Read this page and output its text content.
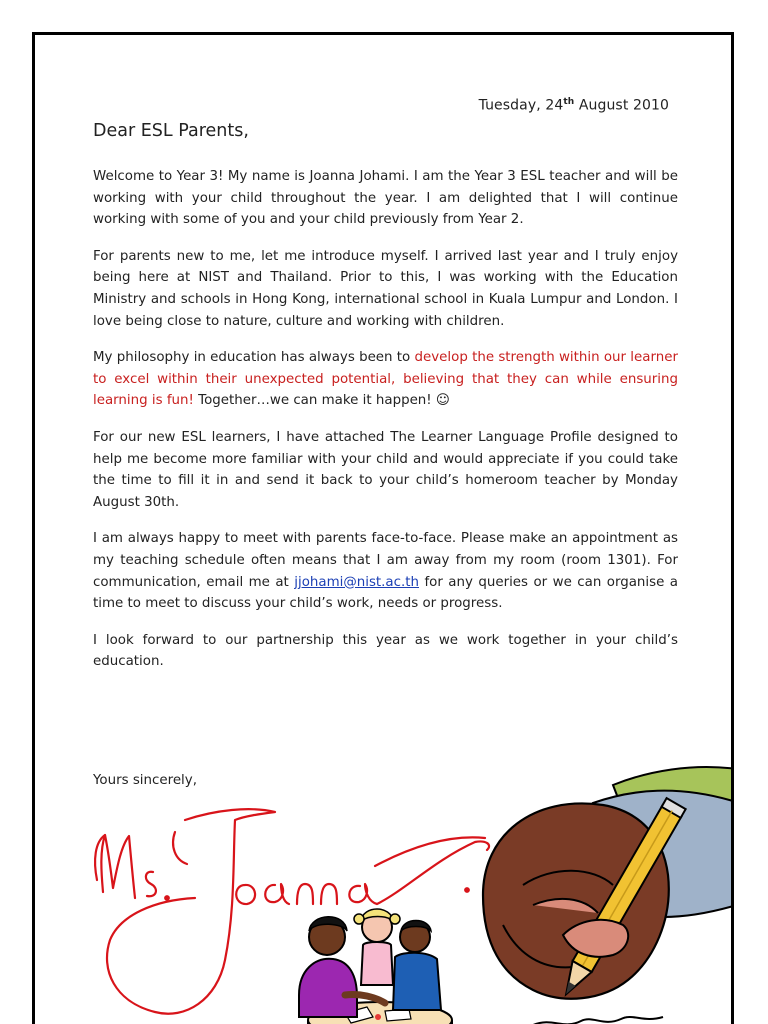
Tuesday, 24th August 2010
Dear ESL Parents,

Welcome to Year 3! My name is Joanna Johami. I am the Year 3 ESL teacher and will be working with your child throughout the year. I am delighted that I will continue working with some of you and your child previously from Year 2.

For parents new to me, let me introduce myself. I arrived last year and I truly enjoy being here at NIST and Thailand. Prior to this, I was working with the Education Ministry and schools in Hong Kong, international school in Kuala Lumpur and London. I love being close to nature, culture and working with children.

My philosophy in education has always been to develop the strength within our learner to excel within their unexpected potential, believing that they can while ensuring learning is fun! Together…we can make it happen! ☺

For our new ESL learners, I have attached The Learner Language Profile designed to help me become more familiar with your child and would appreciate if you could take the time to fill it in and send it back to your child’s homeroom teacher by Monday August 30th.

I am always happy to meet with parents face-to-face. Please make an appointment as my teaching schedule often means that I am away from my room (room 1301). For communication, email me at jjohami@nist.ac.th for any queries or we can organise a time to meet to discuss your child’s work, needs or progress.

I look forward to our partnership this year as we work together in your child’s education.

Yours sincerely,
